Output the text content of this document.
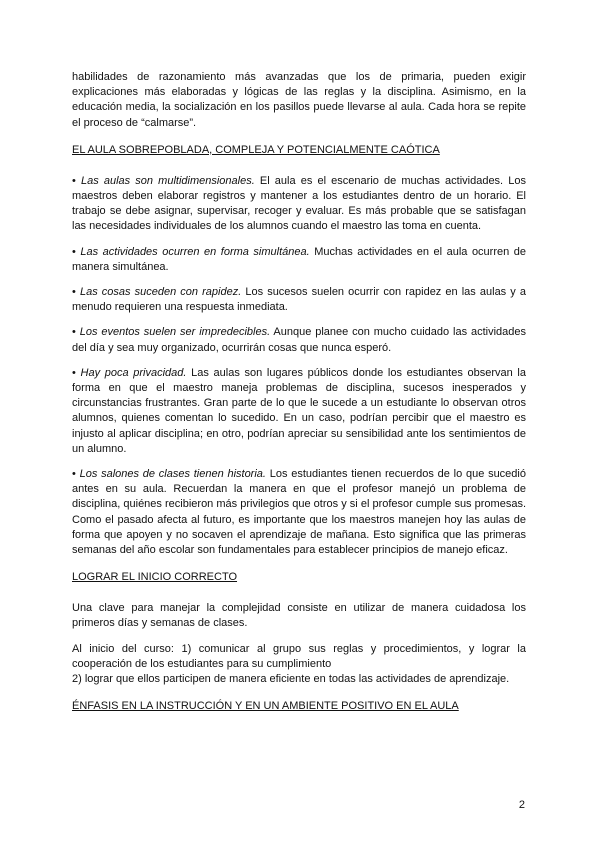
habilidades de razonamiento más avanzadas que los de primaria, pueden exigir explicaciones más elaboradas y lógicas de las reglas y la disciplina. Asimismo, en la educación media, la socialización en los pasillos puede llevarse al aula. Cada hora se repite el proceso de “calmarse”.

EL AULA SOBREPOBLADA, COMPLEJA Y POTENCIALMENTE CAÓTICA

• Las aulas son multidimensionales. El aula es el escenario de muchas actividades. Los maestros deben elaborar registros y mantener a los estudiantes dentro de un horario. El trabajo se debe asignar, supervisar, recoger y evaluar. Es más probable que se satisfagan las necesidades individuales de los alumnos cuando el maestro las toma en cuenta.

• Las actividades ocurren en forma simultánea. Muchas actividades en el aula ocurren de manera simultánea.

• Las cosas suceden con rapidez. Los sucesos suelen ocurrir con rapidez en las aulas y a menudo requieren una respuesta inmediata.

• Los eventos suelen ser impredecibles. Aunque planee con mucho cuidado las actividades del día y sea muy organizado, ocurrirán cosas que nunca esperó.

• Hay poca privacidad. Las aulas son lugares públicos donde los estudiantes observan la forma en que el maestro maneja problemas de disciplina, sucesos inesperados y circunstancias frustrantes. Gran parte de lo que le sucede a un estudiante lo observan otros alumnos, quienes comentan lo sucedido. En un caso, podrían percibir que el maestro es injusto al aplicar disciplina; en otro, podrían apreciar su sensibilidad ante los sentimientos de un alumno.

• Los salones de clases tienen historia. Los estudiantes tienen recuerdos de lo que sucedió antes en su aula. Recuerdan la manera en que el profesor manejó un problema de disciplina, quiénes recibieron más privilegios que otros y si el profesor cumple sus promesas. Como el pasado afecta al futuro, es importante que los maestros manejen hoy las aulas de forma que apoyen y no socaven el aprendizaje de mañana. Esto significa que las primeras semanas del año escolar son fundamentales para establecer principios de manejo eficaz.

LOGRAR EL INICIO CORRECTO

Una clave para manejar la complejidad consiste en utilizar de manera cuidadosa los primeros días y semanas de clases.

Al inicio del curso: 1) comunicar al grupo sus reglas y procedimientos, y lograr la cooperación de los estudiantes para su cumplimiento

2) lograr que ellos participen de manera eficiente en todas las actividades de aprendizaje.

ÉNFASIS EN LA INSTRUCCIÓN Y EN UN AMBIENTE POSITIVO EN EL AULA

2
